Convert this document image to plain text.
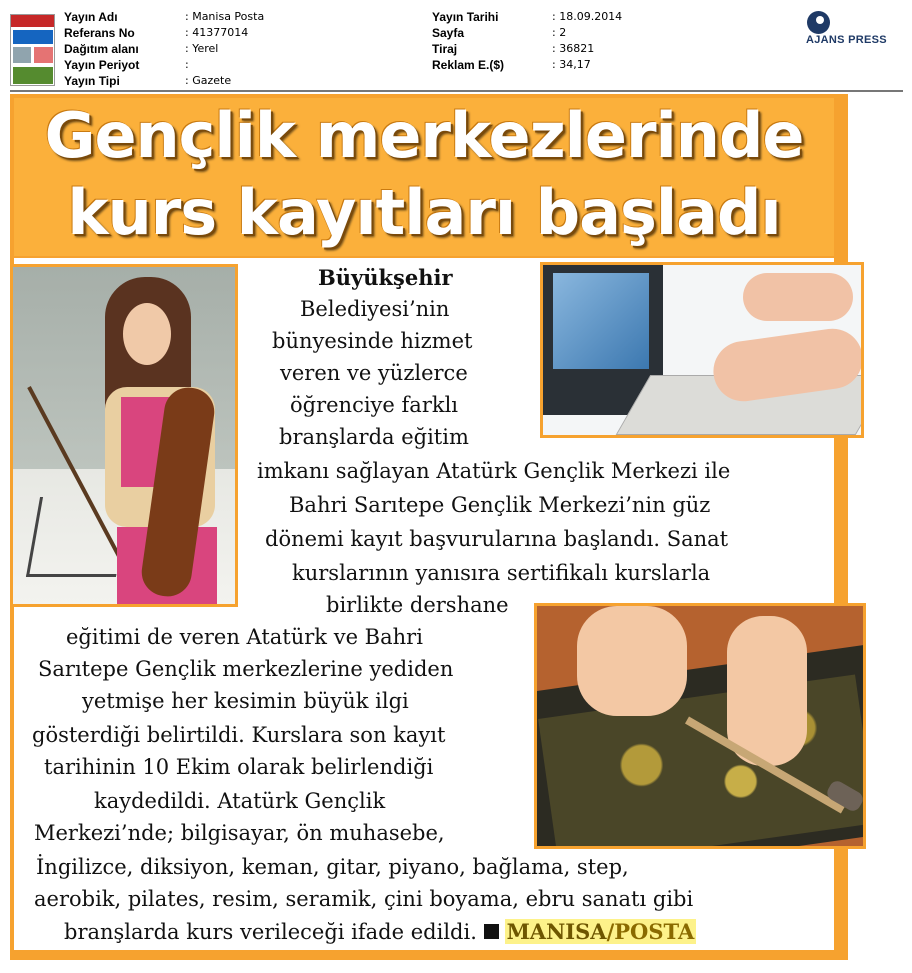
Yayın Adı	: Manisa Posta
Referans No	: 41377014
Dağıtım alanı	: Yerel
Yayın Periyot	:
Yayın Tipi	: Gazete
Yayın Tarihi	: 18.09.2014
Sayfa	: 2
Tiraj	: 36821
Reklam E.($)	: 34,17
AJANS PRESS
Gençlik merkezlerinde
kurs kayıtları başladı
Büyükşehir
Belediyesi’nin
bünyesinde hizmet
veren ve yüzlerce
öğrenciye farklı
branşlarda eğitim
imkanı sağlayan Atatürk Gençlik Merkezi ile
Bahri Sarıtepe Gençlik Merkezi’nin güz
dönemi kayıt başvurularına başlandı. Sanat
kurslarının yanısıra sertifikalı kurslarla
birlikte dershane
eğitimi de veren Atatürk ve Bahri
Sarıtepe Gençlik merkezlerine yediden
yetmişe her kesimin büyük ilgi
gösterdiği belirtildi. Kurslara son kayıt
tarihinin 10 Ekim olarak belirlendiği
kaydedildi. Atatürk Gençlik
Merkezi’nde; bilgisayar, ön muhasebe,
İngilizce, diksiyon, keman, gitar, piyano, bağlama, step,
aerobik, pilates, resim, seramik, çini boyama, ebru sanatı gibi
branşlarda kurs verileceği ifade edildi. MANISA/POSTA
